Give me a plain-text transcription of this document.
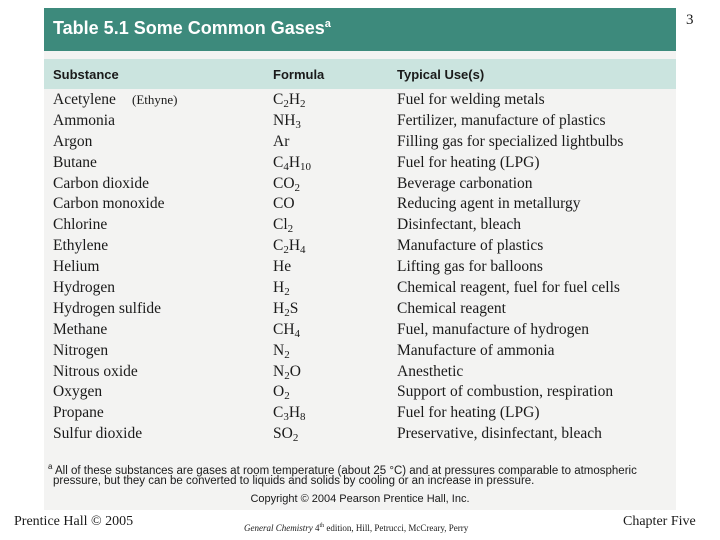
Table 5.1 Some Common Gases$^a$
Substance	Formula	Typical Use(s)
Acetylene (Ethyne)	$C_2H_2$	Fuel for welding metals
Ammonia	$NH_3$	Fertilizer, manufacture of plastics
Argon	Ar	Filling gas for specialized lightbulbs
Butane	$C_4H_{10}$	Fuel for heating (LPG)
Carbon dioxide	$CO_2$	Beverage carbonation
Carbon monoxide	CO	Reducing agent in metallurgy
Chlorine	$Cl_2$	Disinfectant, bleach
Ethylene	$C_2H_4$	Manufacture of plastics
Helium	He	Lifting gas for balloons
Hydrogen	$H_2$	Chemical reagent, fuel for fuel cells
Hydrogen sulfide	$H_2S$	Chemical reagent
Methane	$CH_4$	Fuel, manufacture of hydrogen
Nitrogen	$N_2$	Manufacture of ammonia
Nitrous oxide	$N_2O$	Anesthetic
Oxygen	$O_2$	Support of combustion, respiration
Propane	$C_3H_8$	Fuel for heating (LPG)
Sulfur dioxide	$SO_2$	Preservative, disinfectant, bleach
$^a$ All of these substances are gases at room temperature (about 25 °C) and at pressures comparable to atmospheric
pressure, but they can be converted to liquids and solids by cooling or an increase in pressure.
Copyright © 2004 Pearson Prentice Hall, Inc.
3
Prentice Hall © 2005	General Chemistry 4th edition, Hill, Petrucci, McCreary, Perry	Chapter Five
